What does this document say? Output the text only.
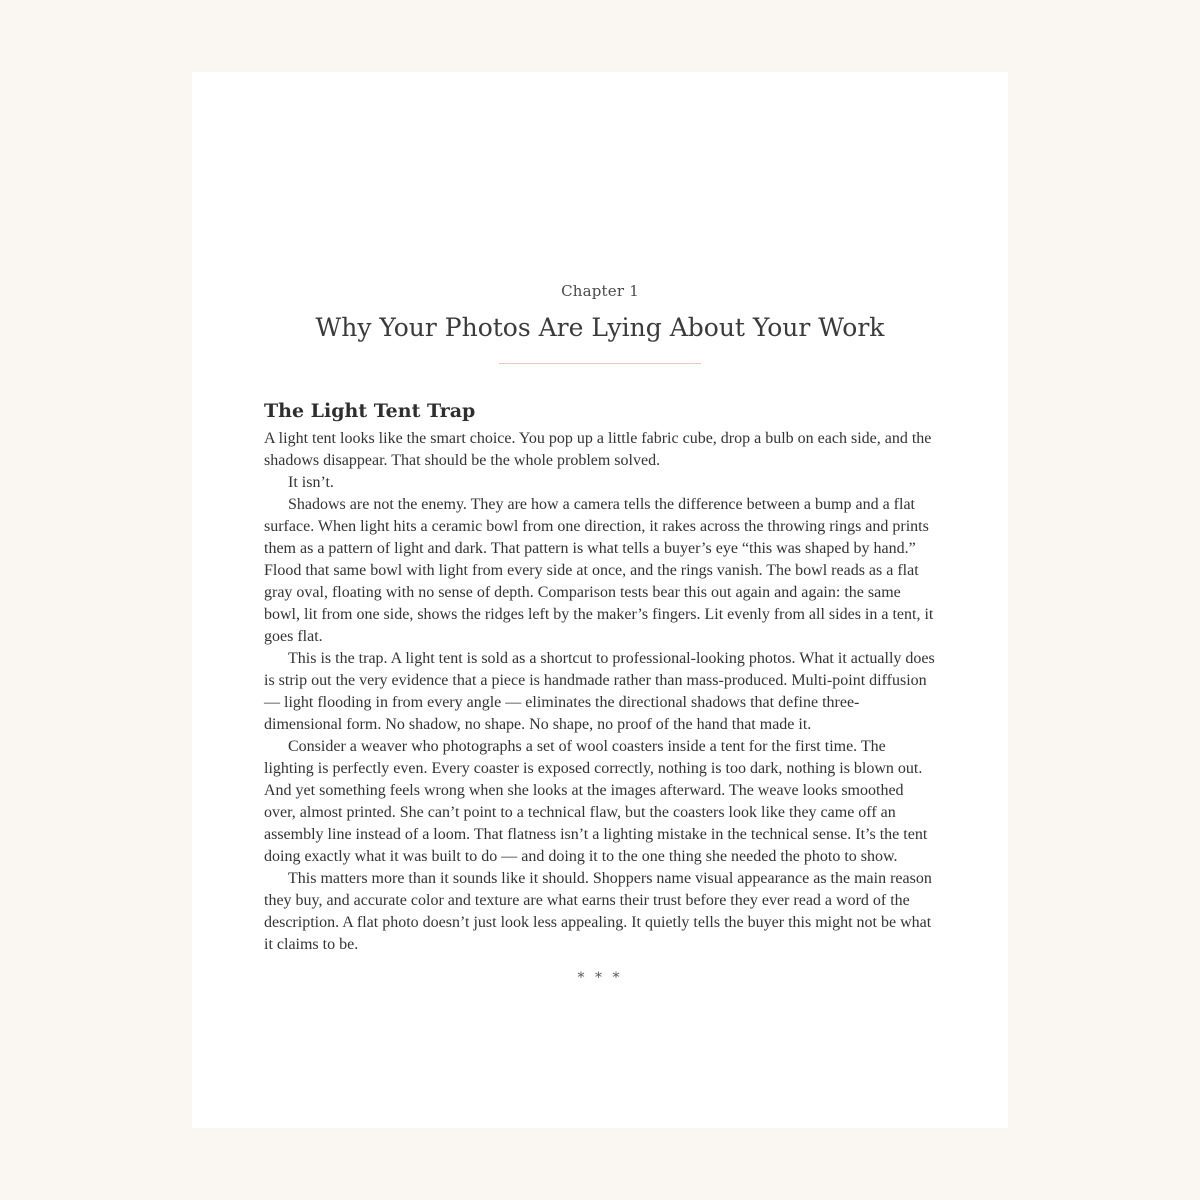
Chapter 1
Why Your Photos Are Lying About Your Work
The Light Tent Trap

A light tent looks like the smart choice. You pop up a little fabric cube, drop a bulb on each side, and the shadows disappear. That should be the whole problem solved.

It isn’t.

Shadows are not the enemy. They are how a camera tells the difference between a bump and a flat surface. When light hits a ceramic bowl from one direction, it rakes across the throwing rings and prints them as a pattern of light and dark. That pattern is what tells a buyer’s eye “this was shaped by hand.” Flood that same bowl with light from every side at once, and the rings vanish. The bowl reads as a flat gray oval, floating with no sense of depth. Comparison tests bear this out again and again: the same bowl, lit from one side, shows the ridges left by the maker’s fingers. Lit evenly from all sides in a tent, it goes flat.

This is the trap. A light tent is sold as a shortcut to professional-looking photos. What it actually does is strip out the very evidence that a piece is handmade rather than mass-produced. Multi-point diffusion — light flooding in from every angle — eliminates the directional shadows that define three-dimensional form. No shadow, no shape. No shape, no proof of the hand that made it.

Consider a weaver who photographs a set of wool coasters inside a tent for the first time. The lighting is perfectly even. Every coaster is exposed correctly, nothing is too dark, nothing is blown out. And yet something feels wrong when she looks at the images afterward. The weave looks smoothed over, almost printed. She can’t point to a technical flaw, but the coasters look like they came off an assembly line instead of a loom. That flatness isn’t a lighting mistake in the technical sense. It’s the tent doing exactly what it was built to do — and doing it to the one thing she needed the photo to show.

This matters more than it sounds like it should. Shoppers name visual appearance as the main reason they buy, and accurate color and texture are what earns their trust before they ever read a word of the description. A flat photo doesn’t just look less appealing. It quietly tells the buyer this might not be what it claims to be.

* * *
